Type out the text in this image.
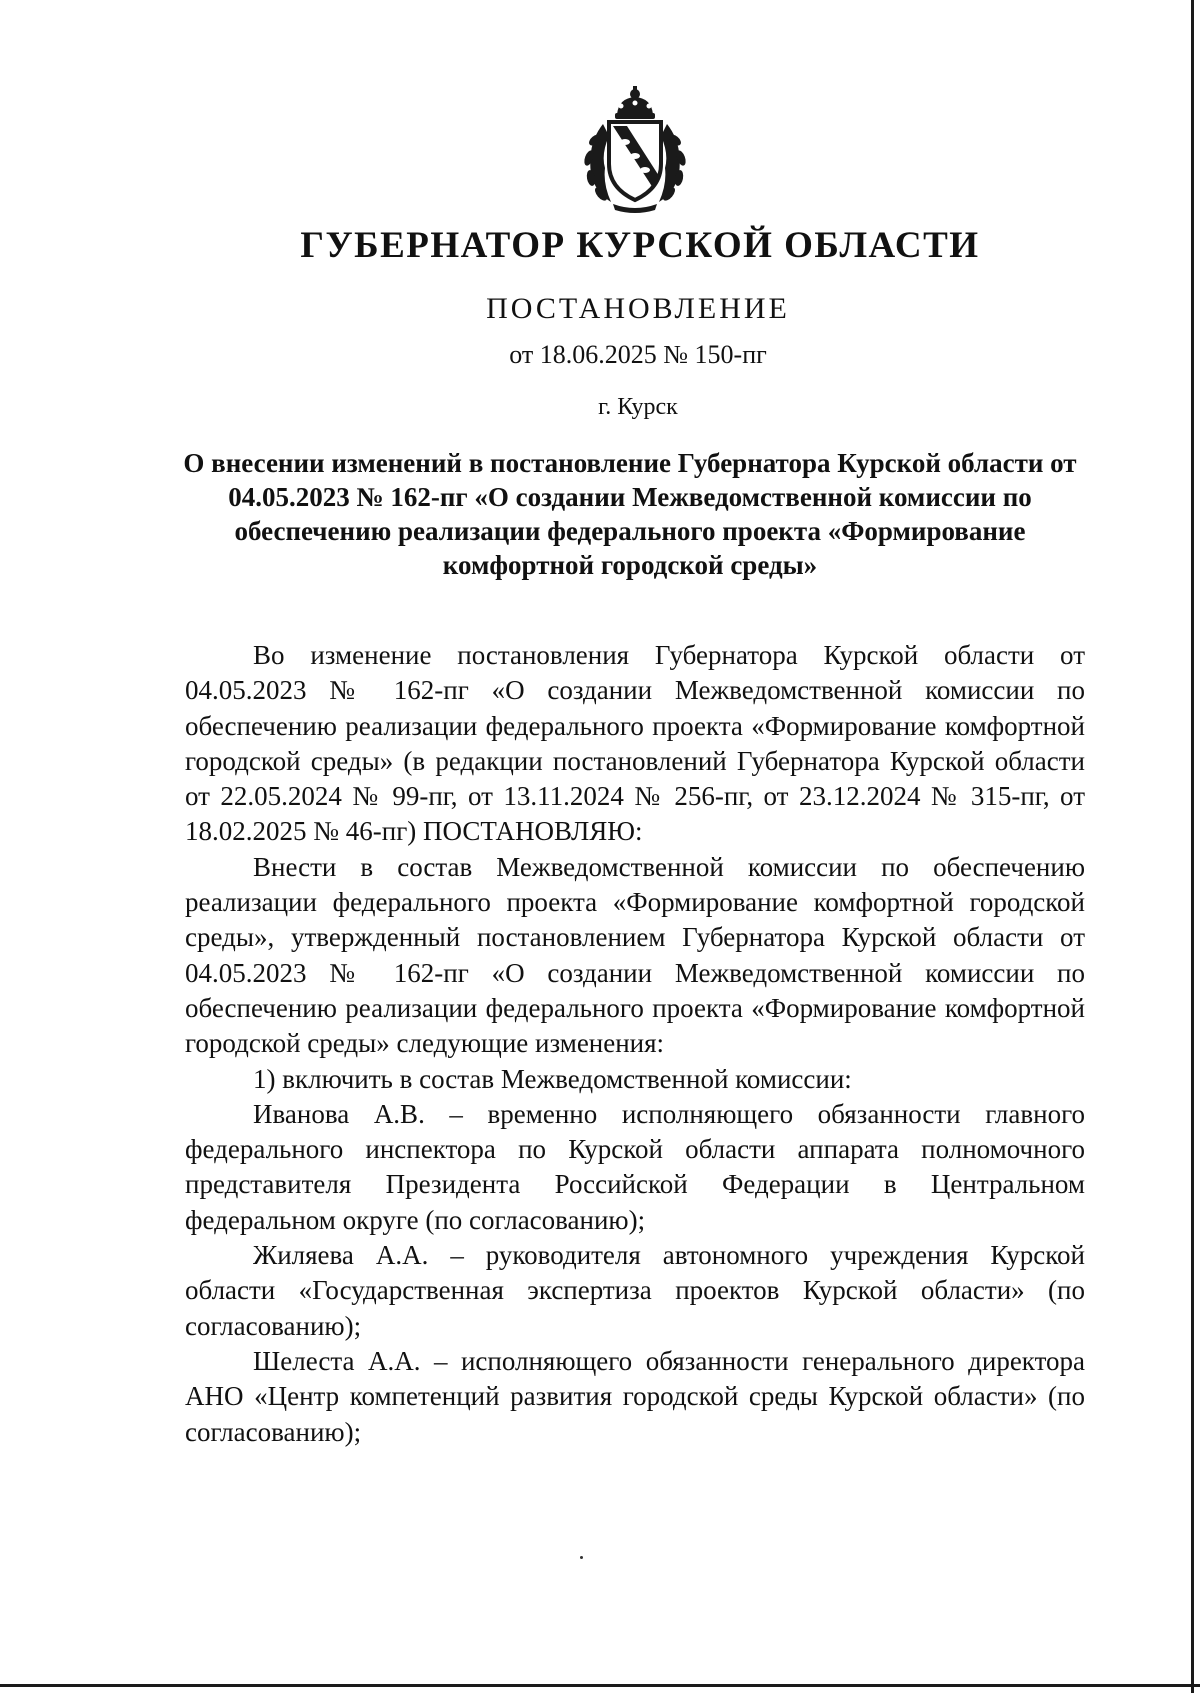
ГУБЕРНАТОР КУРСКОЙ ОБЛАСТИ
ПОСТАНОВЛЕНИЕ
от 18.06.2025 № 150-пг
г. Курск
О внесении изменений в постановление Губернатора Курской области от 04.05.2023 № 162-пг «О создании Межведомственной комиссии по обеспечению реализации федерального проекта «Формирование комфортной городской среды»

Во изменение постановления Губернатора Курской области от 04.05.2023 № 162-пг «О создании Межведомственной комиссии по обеспечению реализации федерального проекта «Формирование комфортной городской среды» (в редакции постановлений Губернатора Курской области от 22.05.2024 № 99-пг, от 13.11.2024 № 256-пг, от 23.12.2024 № 315-пг, от 18.02.2025 № 46-пг) ПОСТАНОВЛЯЮ:

Внести в состав Межведомственной комиссии по обеспечению реализации федерального проекта «Формирование комфортной городской среды», утвержденный постановлением Губернатора Курской области от 04.05.2023 № 162-пг «О создании Межведомственной комиссии по обеспечению реализации федерального проекта «Формирование комфортной городской среды» следующие изменения:

1) включить в состав Межведомственной комиссии:

Иванова А.В. – временно исполняющего обязанности главного федерального инспектора по Курской области аппарата полномочного представителя Президента Российской Федерации в Центральном федеральном округе (по согласованию);

Жиляева А.А. – руководителя автономного учреждения Курской области «Государственная экспертиза проектов Курской области» (по согласованию);

Шелеста А.А. – исполняющего обязанности генерального директора АНО «Центр компетенций развития городской среды Курской области» (по согласованию);
